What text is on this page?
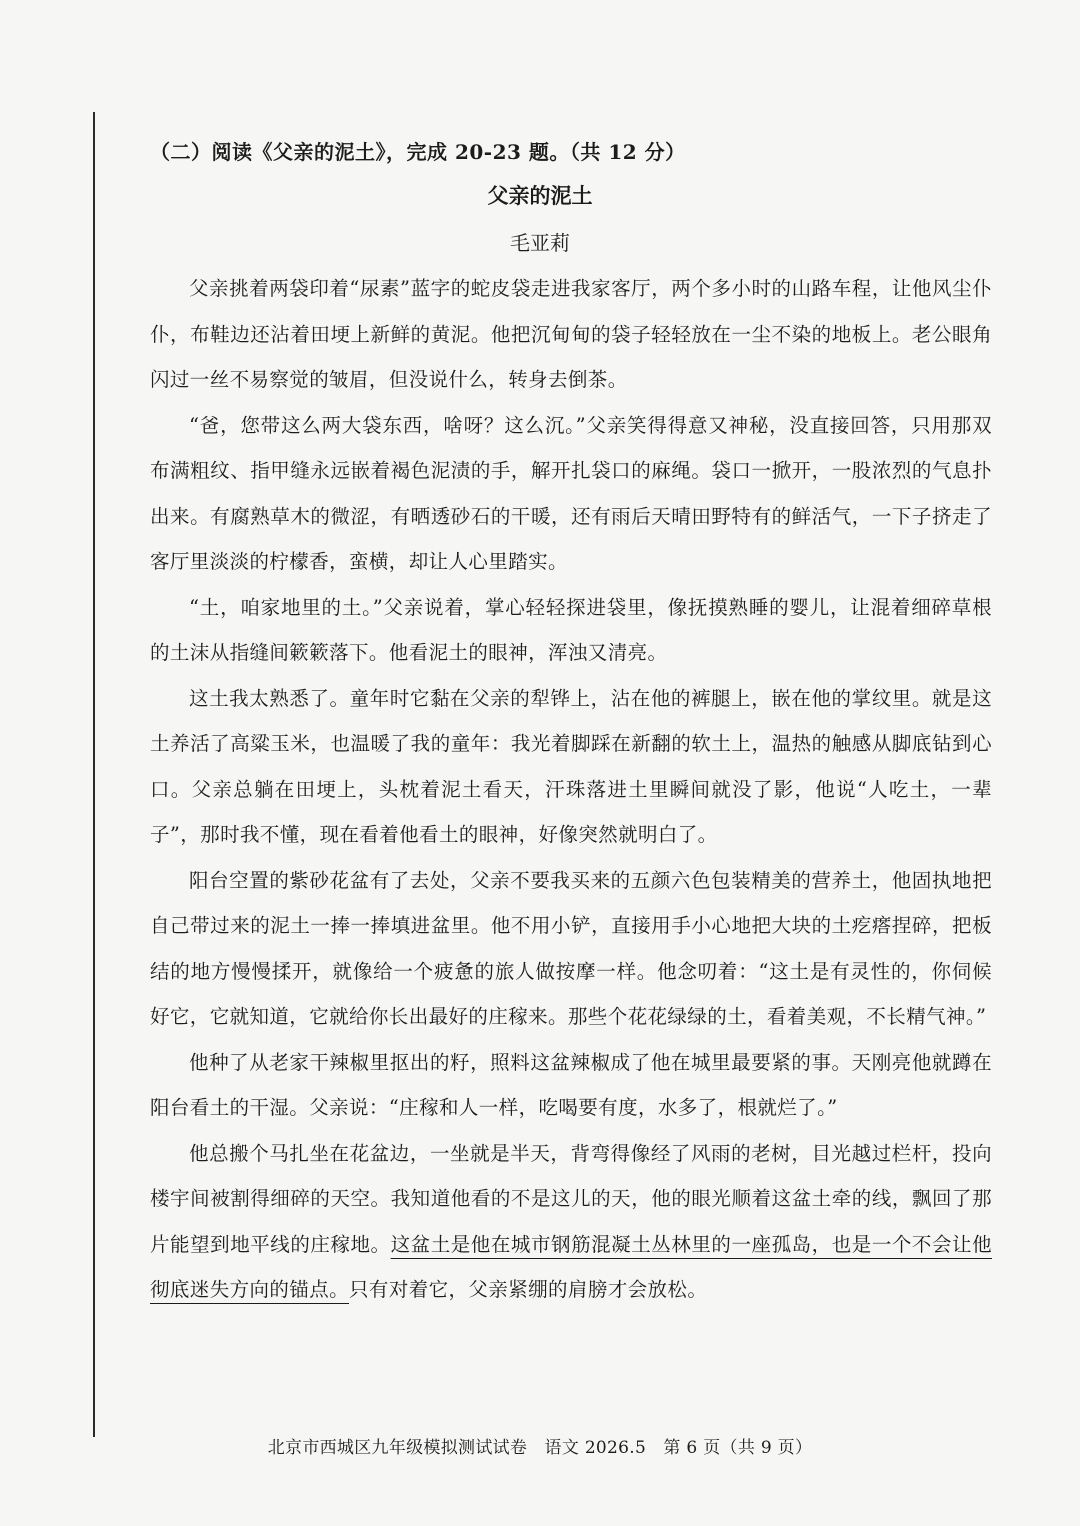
（二）阅读《父亲的泥土》，完成 20-23 题。（共 12 分）
父亲的泥土
毛亚莉

父亲挑着两袋印着“尿素”蓝字的蛇皮袋走进我家客厅，两个多小时的山路车程，让他风尘仆仆，布鞋边还沾着田埂上新鲜的黄泥。他把沉甸甸的袋子轻轻放在一尘不染的地板上。老公眼角闪过一丝不易察觉的皱眉，但没说什么，转身去倒茶。

“爸，您带这么两大袋东西，啥呀？这么沉。”父亲笑得得意又神秘，没直接回答，只用那双布满粗纹、指甲缝永远嵌着褐色泥渍的手，解开扎袋口的麻绳。袋口一掀开，一股浓烈的气息扑出来。有腐熟草木的微涩，有晒透砂石的干暖，还有雨后天晴田野特有的鲜活气，一下子挤走了客厅里淡淡的柠檬香，蛮横，却让人心里踏实。

“土，咱家地里的土。”父亲说着，掌心轻轻探进袋里，像抚摸熟睡的婴儿，让混着细碎草根的土沫从指缝间簌簌落下。他看泥土的眼神，浑浊又清亮。

这土我太熟悉了。童年时它黏在父亲的犁铧上，沾在他的裤腿上，嵌在他的掌纹里。就是这土养活了高粱玉米，也温暖了我的童年：我光着脚踩在新翻的软土上，温热的触感从脚底钻到心口。父亲总躺在田埂上，头枕着泥土看天，汗珠落进土里瞬间就没了影，他说“人吃土，一辈子”，那时我不懂，现在看着他看土的眼神，好像突然就明白了。

阳台空置的紫砂花盆有了去处，父亲不要我买来的五颜六色包装精美的营养土，他固执地把自己带过来的泥土一捧一捧填进盆里。他不用小铲，直接用手小心地把大块的土疙瘩捏碎，把板结的地方慢慢揉开，就像给一个疲惫的旅人做按摩一样。他念叨着：“这土是有灵性的，你伺候好它，它就知道，它就给你长出最好的庄稼来。那些个花花绿绿的土，看着美观，不长精气神。”

他种了从老家干辣椒里抠出的籽，照料这盆辣椒成了他在城里最要紧的事。天刚亮他就蹲在阳台看土的干湿。父亲说：“庄稼和人一样，吃喝要有度，水多了，根就烂了。”

他总搬个马扎坐在花盆边，一坐就是半天，背弯得像经了风雨的老树，目光越过栏杆，投向楼宇间被割得细碎的天空。我知道他看的不是这儿的天，他的眼光顺着这盆土牵的线，飘回了那片能望到地平线的庄稼地。这盆土是他在城市钢筋混凝土丛林里的一座孤岛，也是一个不会让他彻底迷失方向的锚点。只有对着它，父亲紧绷的肩膀才会放松。

北京市西城区九年级模拟测试试卷　语文 2026.5　第 6 页（共 9 页）
